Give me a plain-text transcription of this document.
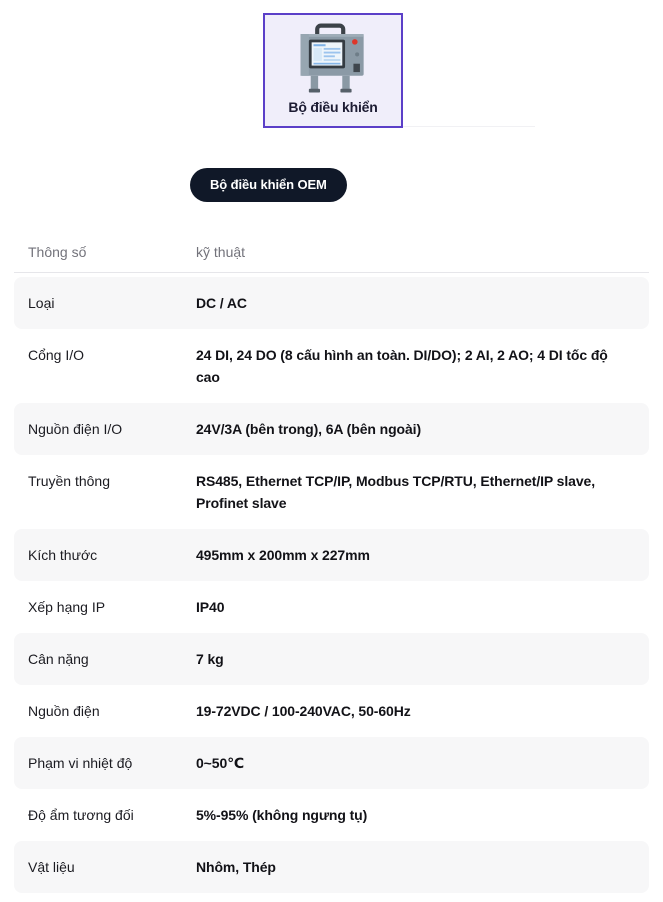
Bộ điều khiển
Bộ điều khiển OEM
Thông số	kỹ thuật
Loại	DC / AC
Cổng I/O	24 DI, 24 DO (8 cấu hình an toàn. DI/DO); 2 AI, 2 AO; 4 DI tốc độ cao
Nguồn điện I/O	24V/3A (bên trong), 6A (bên ngoài)
Truyền thông	RS485, Ethernet TCP/IP, Modbus TCP/RTU, Ethernet/IP slave, Profinet slave
Kích thước	495mm x 200mm x 227mm
Xếp hạng IP	IP40
Cân nặng	7 kg
Nguồn điện	19-72VDC / 100-240VAC, 50-60Hz
Phạm vi nhiệt độ	0~50℃
Độ ẩm tương đối	5%-95% (không ngưng tụ)
Vật liệu	Nhôm, Thép
